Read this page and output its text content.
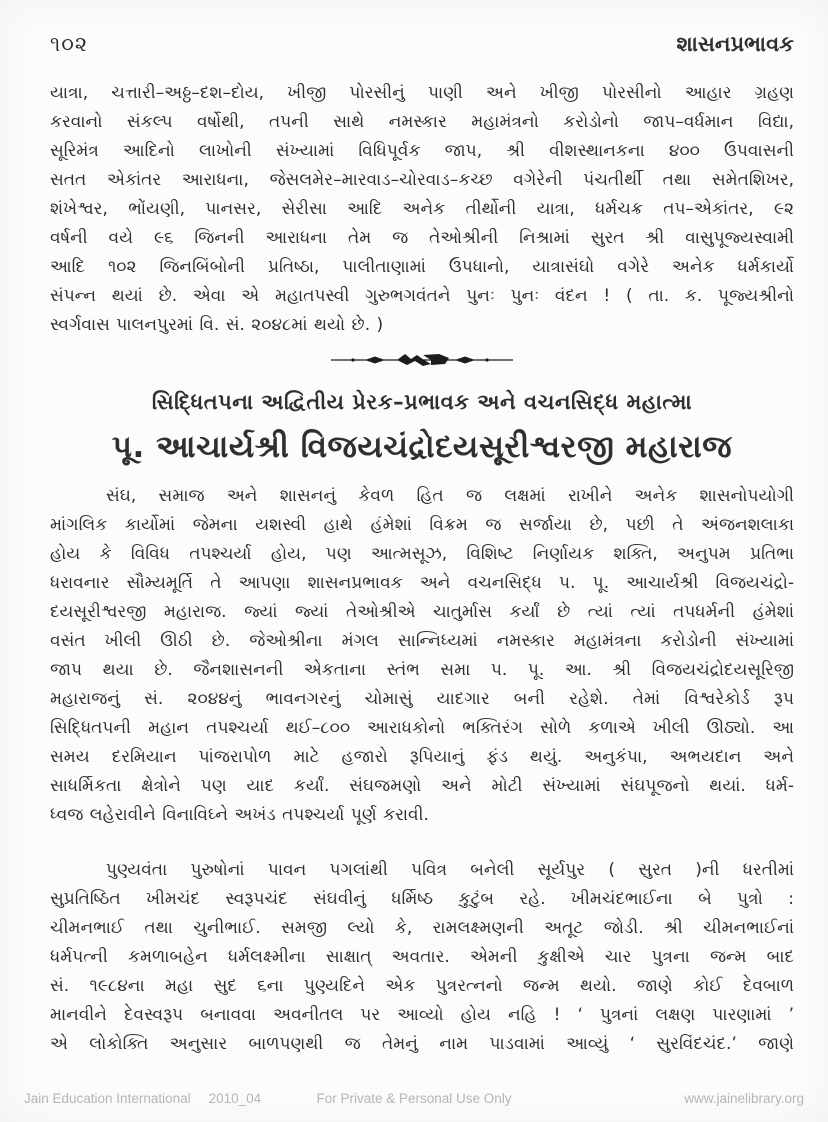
૧૦૨	શાસનપ્રભાવક
યાત્રા, ચત્તારી–અઠ્ઠ–દશ–દોય, ખીજી પોરસીનું પાણી અને ખીજી પોરસીનો આહાર ગ્રહણ
કરવાનો સંકલ્પ વર્ષોથી, તપની સાથે નમસ્કાર મહામંત્રનો કરોડોનો જાપ–વર્ધમાન વિદ્યા,
સૂરિમંત્ર આદિનો લાખોની સંખ્યામાં વિધિપૂર્વક જાપ, શ્રી વીશસ્થાનકના ૪૦૦ ઉપવાસની
સતત એકાંતર આરાધના, જેસલમેર–મારવાડ–ચોરવાડ–કચ્છ વગેરેની પંચતીર્થી તથા સમેતશિખર,
શંખેશ્વર, ભોંયણી, પાનસર, સેરીસા આદિ અનેક તીર્થોની યાત્રા, ધર્મચક્ર તપ–એકાંતર, ૯૨
વર્ષની વયે ૯૬ જિનની આરાધના તેમ જ તેઓશ્રીની નિશ્રામાં સુરત શ્રી વાસુપૂજ્યસ્વામી
આદિ ૧૦૨ જિનબિંબોની પ્રતિષ્ઠા, પાલીતાણામાં ઉપધાનો, યાત્રાસંઘો વગેરે અનેક ધર્મકાર્યો
સંપન્ન થયાં છે. એવા એ મહાતપસ્વી ગુરુભગવંતને પુનઃ પુનઃ વંદન ! ( તા. ક. પૂજ્યશ્રીનો
સ્વર્ગવાસ પાલનપુરમાં વિ. સં. ૨૦૪૮માં થયો છે. )
સિદ્ધિતપના અદ્વિતીય પ્રેરક–પ્રભાવક અને વચનસિદ્ધ મહાત્મા
પૂ. આચાર્યશ્રી વિજયચંદ્રોદયસૂરીશ્વરજી મહારાજ
સંઘ, સમાજ અને શાસનનું કેવળ હિત જ લક્ષમાં રાખીને અનેક શાસનોપયોગી
માંગલિક કાર્યોમાં જેમના યશસ્વી હાથે હંમેશાં વિક્રમ જ સર્જાયા છે, પછી તે અંજનશલાકા
હોય કે વિવિધ તપશ્ચર્યા હોય, પણ આત્મસૂઝ, વિશિષ્ટ નિર્ણાયક શક્તિ, અનુપમ પ્રતિભા
ધરાવનાર સૌમ્યમૂર્તિ તે આપણા શાસનપ્રભાવક અને વચનસિદ્ધ પ. પૂ. આચાર્યશ્રી વિજયચંદ્રો-
દયસૂરીશ્વરજી મહારાજ. જ્યાં જ્યાં તેઓશ્રીએ ચાતુર્માસ કર્યાં છે ત્યાં ત્યાં તપધર્મની હંમેશાં
વસંત ખીલી ઊઠી છે. જેઓશ્રીના મંગલ સાન્નિધ્યમાં નમસ્કાર મહામંત્રના કરોડોની સંખ્યામાં
જાપ થયા છે. જૈનશાસનની એકતાના સ્તંભ સમા પ. પૂ. આ. શ્રી વિજયચંદ્રોદયસૂરિજી
મહારાજનું સં. ૨૦૪૪નું ભાવનગરનું ચોમાસું યાદગાર બની રહેશે. તેમાં વિશ્વરેકોર્ડ રૂપ
સિદ્ધિતપની મહાન તપશ્ચર્યા થઈ–૮૦૦ આરાધકોનો ભક્તિરંગ સોળે કળાએ ખીલી ઊઠ્યો. આ
સમય દરમિયાન પાંજરાપોળ માટે હજારો રૂપિયાનું ફંડ થયું. અનુકંપા, અભયદાન અને
સાધર્મિકતા ક્ષેત્રોને પણ યાદ કર્યાં. સંઘજમણો અને મોટી સંખ્યામાં સંઘપૂજનો થયાં. ધર્મ-
ધ્વજ લહેરાવીને વિનાવિઘ્ને અખંડ તપશ્ચર્યા પૂર્ણ કરાવી.
પુણ્યવંતા પુરુષોનાં પાવન પગલાંથી પવિત્ર બનેલી સૂર્યપુર ( સુરત )ની ધરતીમાં
સુપ્રતિષ્ઠિત ખીમચંદ સ્વરૂપચંદ સંઘવીનું ધર્મિષ્ઠ કુટુંબ રહે. ખીમચંદભાઈના બે પુત્રો :
ચીમનભાઈ તથા ચુનીભાઈ. સમજી લ્યો કે, રામલક્ષ્મણની અતૂટ જોડી. શ્રી ચીમનભાઈનાં
ધર્મપત્ની કમળાબહેન ધર્મલક્ષ્મીના સાક્ષાત્ અવતાર. એમની કુક્ષીએ ચાર પુત્રના જન્મ બાદ
સં. ૧૯૮૪ના મહા સુદ ૬ના પુણ્યદિને એક પુત્રરત્નનો જન્મ થયો. જાણે કોઈ દેવબાળ
માનવીને દેવસ્વરૂપ બનાવવા અવનીતલ પર આવ્યો હોય નહિ ! ‘ પુત્રનાં લક્ષણ પારણામાં ’
એ લોકોક્તિ અનુસાર બાળપણથી જ તેમનું નામ પાડવામાં આવ્યું ‘ સુરવિંદચંદ.’ જાણે
Jain Education International 2010_04	For Private & Personal Use Only	www.jainelibrary.org
